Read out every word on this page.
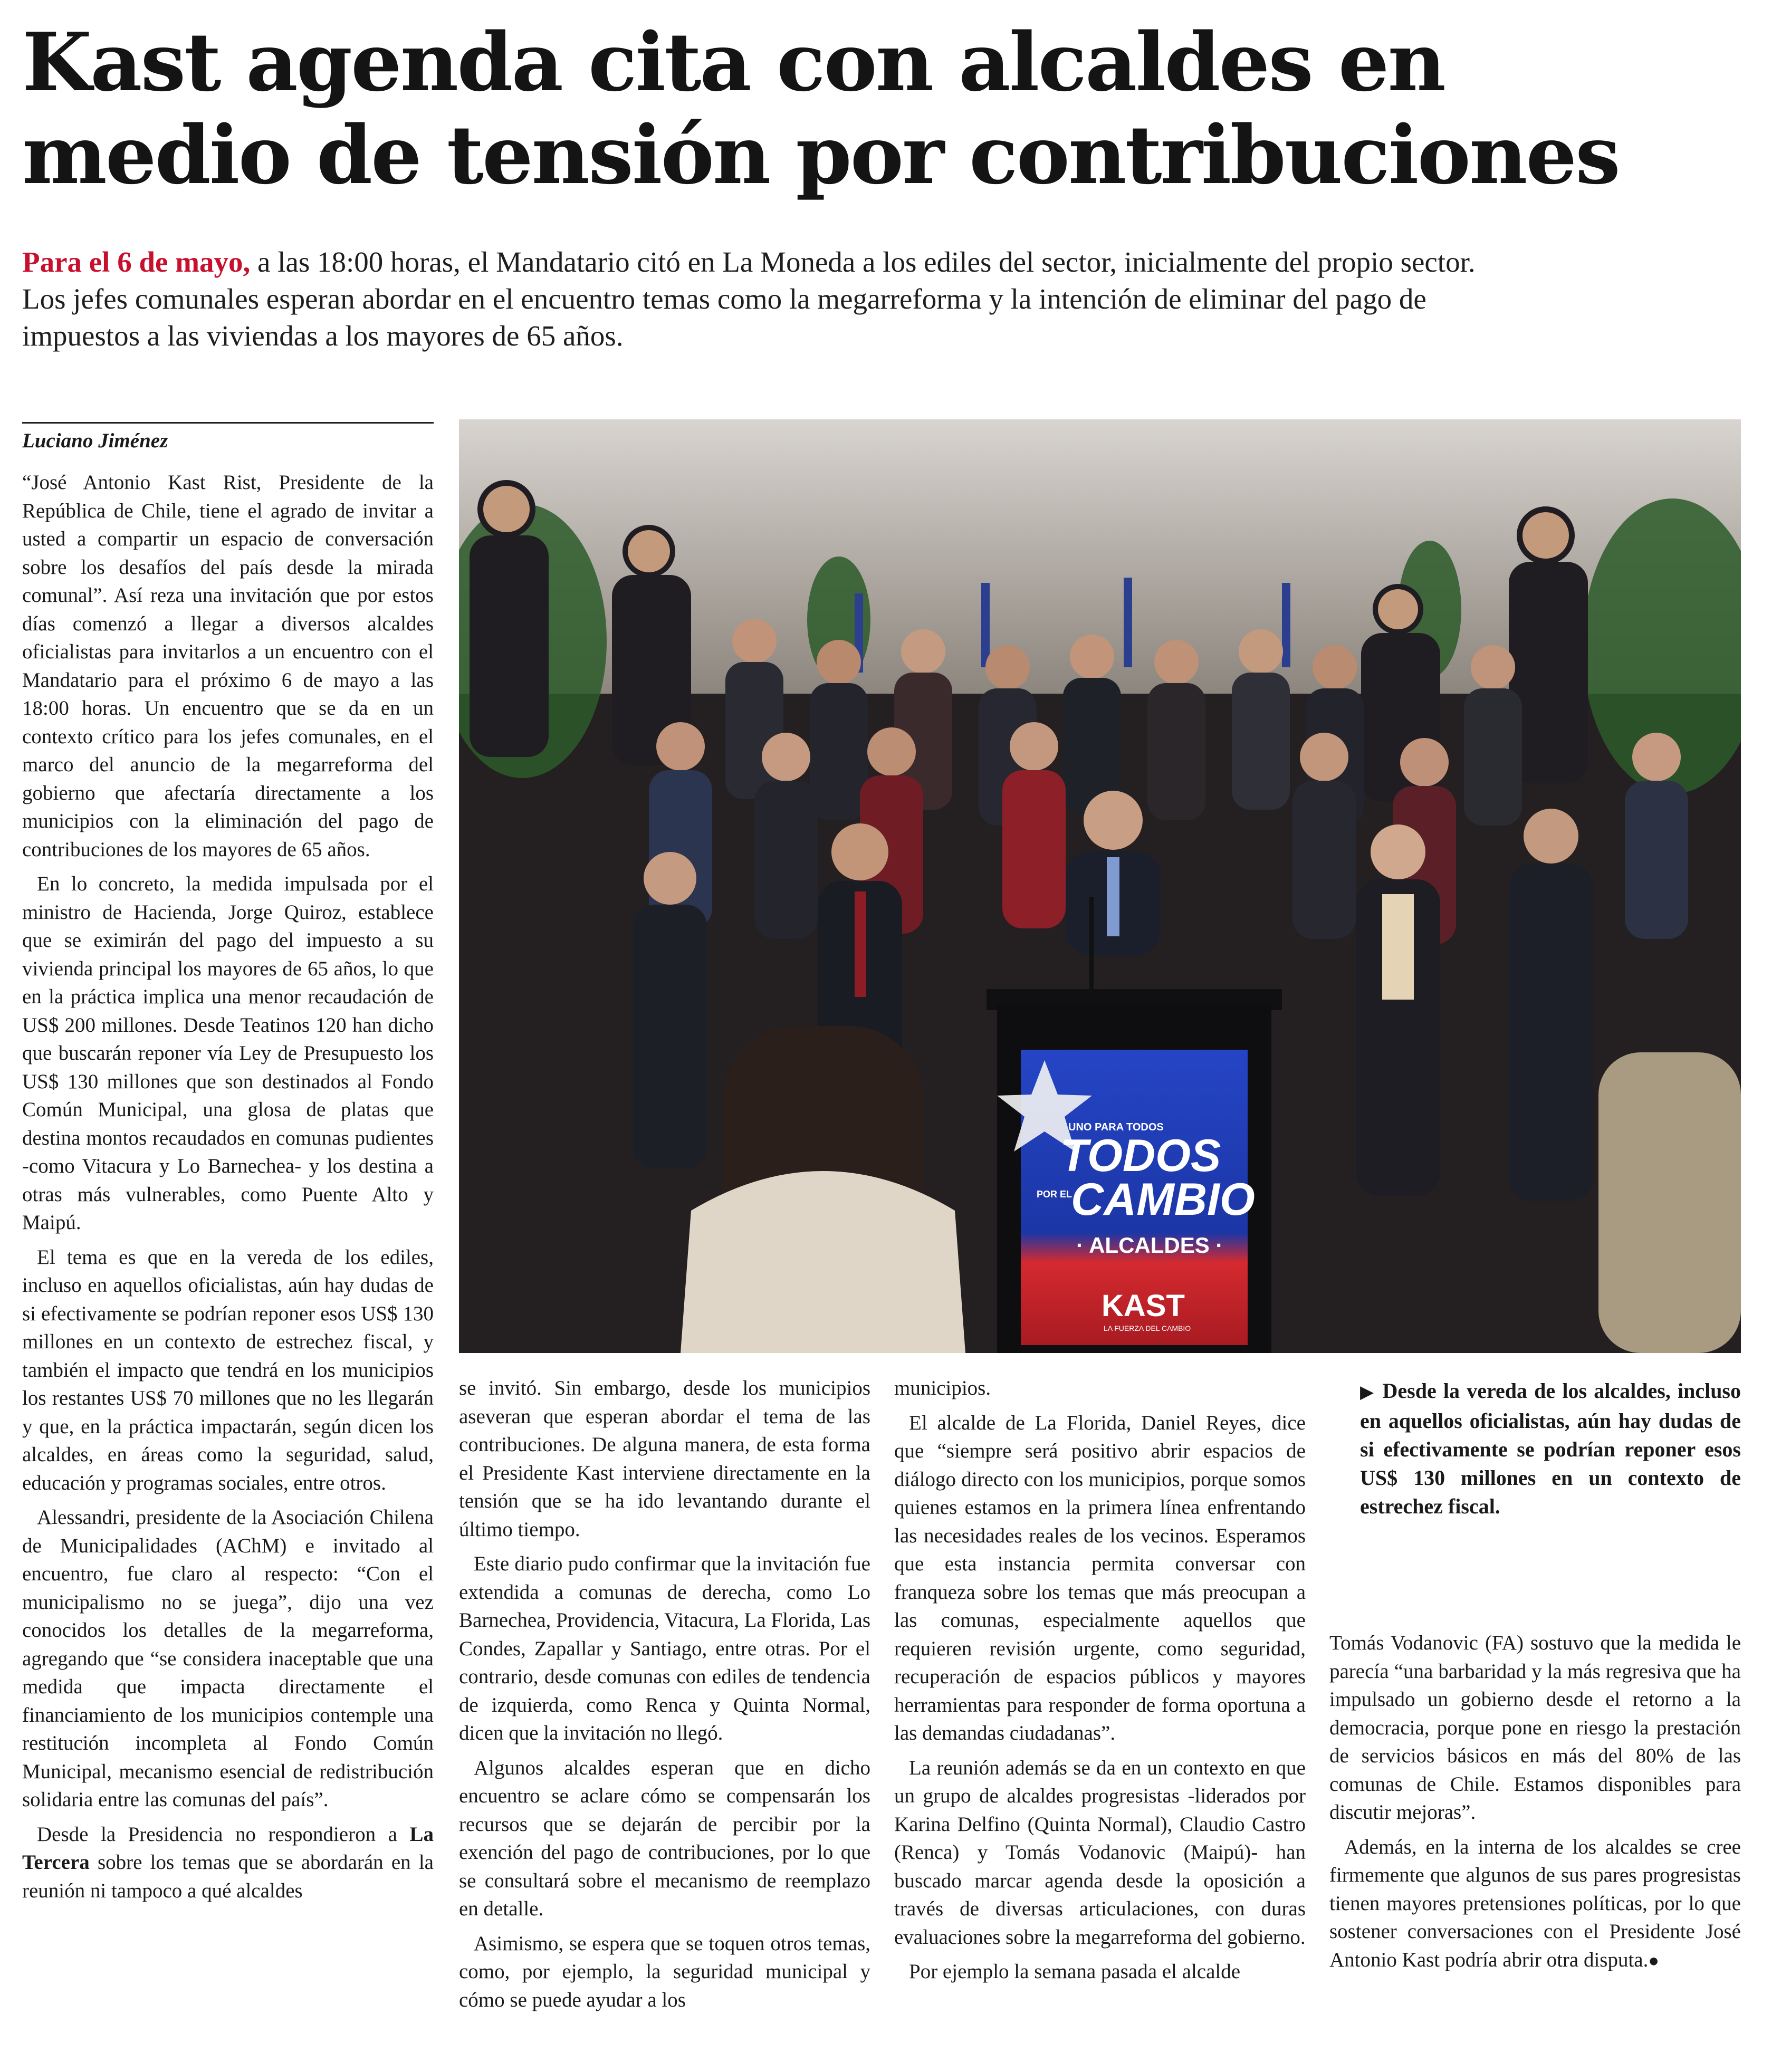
Kast agenda cita con alcaldes en
medio de tensión por contribuciones

Para el 6 de mayo, a las 18:00 horas, el Mandatario citó en La Moneda a los ediles del sector, inicialmente del propio sector. Los jefes comunales esperan abordar en el encuentro temas como la megarreforma y la intención de eliminar del pago de impuestos a las viviendas a los mayores de 65 años.

Luciano Jiménez

“José Antonio Kast Rist, Presidente de la República de Chile, tiene el agrado de invitar a usted a compartir un espacio de conversación sobre los desafíos del país desde la mirada comunal”. Así reza una invitación que por estos días comenzó a llegar a diversos alcaldes oficialistas para invitarlos a un encuentro con el Mandatario para el próximo 6 de mayo a las 18:00 horas. Un encuentro que se da en un contexto crítico para los jefes comunales, en el marco del anuncio de la megarreforma del gobierno que afectaría directamente a los municipios con la eliminación del pago de contribuciones de los mayores de 65 años.

En lo concreto, la medida impulsada por el ministro de Hacienda, Jorge Quiroz, establece que se eximirán del pago del impuesto a su vivienda principal los mayores de 65 años, lo que en la práctica implica una menor recaudación de US$ 200 millones. Desde Teatinos 120 han dicho que buscarán reponer vía Ley de Presupuesto los US$ 130 millones que son destinados al Fondo Común Municipal, una glosa de platas que destina montos recaudados en comunas pudientes -como Vitacura y Lo Barnechea- y los destina a otras más vulnerables, como Puente Alto y Maipú.

El tema es que en la vereda de los ediles, incluso en aquellos oficialistas, aún hay dudas de si efectivamente se podrían reponer esos US$ 130 millones en un contexto de estrechez fiscal, y también el impacto que tendrá en los municipios los restantes US$ 70 millones que no les llegarán y que, en la práctica impactarán, según dicen los alcaldes, en áreas como la seguridad, salud, educación y programas sociales, entre otros.

Alessandri, presidente de la Asociación Chilena de Municipalidades (AChM) e invitado al encuentro, fue claro al respecto: “Con el municipalismo no se juega”, dijo una vez conocidos los detalles de la megarreforma, agregando que “se considera inaceptable que una medida que impacta directamente el financiamiento de los municipios contemple una restitución incompleta al Fondo Común Municipal, mecanismo esencial de redistribución solidaria entre las comunas del país”.

Desde la Presidencia no respondieron a La Tercera sobre los temas que se abordarán en la reunión ni tampoco a qué alcaldes

UNO PARA TODOS
TODOS
POR EL
CAMBIO
· ALCALDES ·
KAST
LA FUERZA DEL CAMBIO

se invitó. Sin embargo, desde los municipios aseveran que esperan abordar el tema de las contribuciones. De alguna manera, de esta forma el Presidente Kast interviene directamente en la tensión que se ha ido levantando durante el último tiempo.

Este diario pudo confirmar que la invitación fue extendida a comunas de derecha, como Lo Barnechea, Providencia, Vitacura, La Florida, Las Condes, Zapallar y Santiago, entre otras. Por el contrario, desde comunas con ediles de tendencia de izquierda, como Renca y Quinta Normal, dicen que la invitación no llegó.

Algunos alcaldes esperan que en dicho encuentro se aclare cómo se compensarán los recursos que se dejarán de percibir por la exención del pago de contribuciones, por lo que se consultará sobre el mecanismo de reemplazo en detalle.

Asimismo, se espera que se toquen otros temas, como, por ejemplo, la seguridad municipal y cómo se puede ayudar a los

municipios.

El alcalde de La Florida, Daniel Reyes, dice que “siempre será positivo abrir espacios de diálogo directo con los municipios, porque somos quienes estamos en la primera línea enfrentando las necesidades reales de los vecinos. Esperamos que esta instancia permita conversar con franqueza sobre los temas que más preocupan a las comunas, especialmente aquellos que requieren revisión urgente, como seguridad, recuperación de espacios públicos y mayores herramientas para responder de forma oportuna a las demandas ciudadanas”.

La reunión además se da en un contexto en que un grupo de alcaldes progresistas -liderados por Karina Delfino (Quinta Normal), Claudio Castro (Renca) y Tomás Vodanovic (Maipú)- han buscado marcar agenda desde la oposición a través de diversas articulaciones, con duras evaluaciones sobre la megarreforma del gobierno.

Por ejemplo la semana pasada el alcalde

▶ Desde la vereda de los alcaldes, incluso en aquellos oficialistas, aún hay dudas de si efectivamente se podrían reponer esos US$ 130 millones en un contexto de estrechez fiscal.

Tomás Vodanovic (FA) sostuvo que la medida le parecía “una barbaridad y la más regresiva que ha impulsado un gobierno desde el retorno a la democracia, porque pone en riesgo la prestación de servicios básicos en más del 80% de las comunas de Chile. Estamos disponibles para discutir mejoras”.

Además, en la interna de los alcaldes se cree firmemente que algunos de sus pares progresistas tienen mayores pretensiones políticas, por lo que sostener conversaciones con el Presidente José Antonio Kast podría abrir otra disputa.●
